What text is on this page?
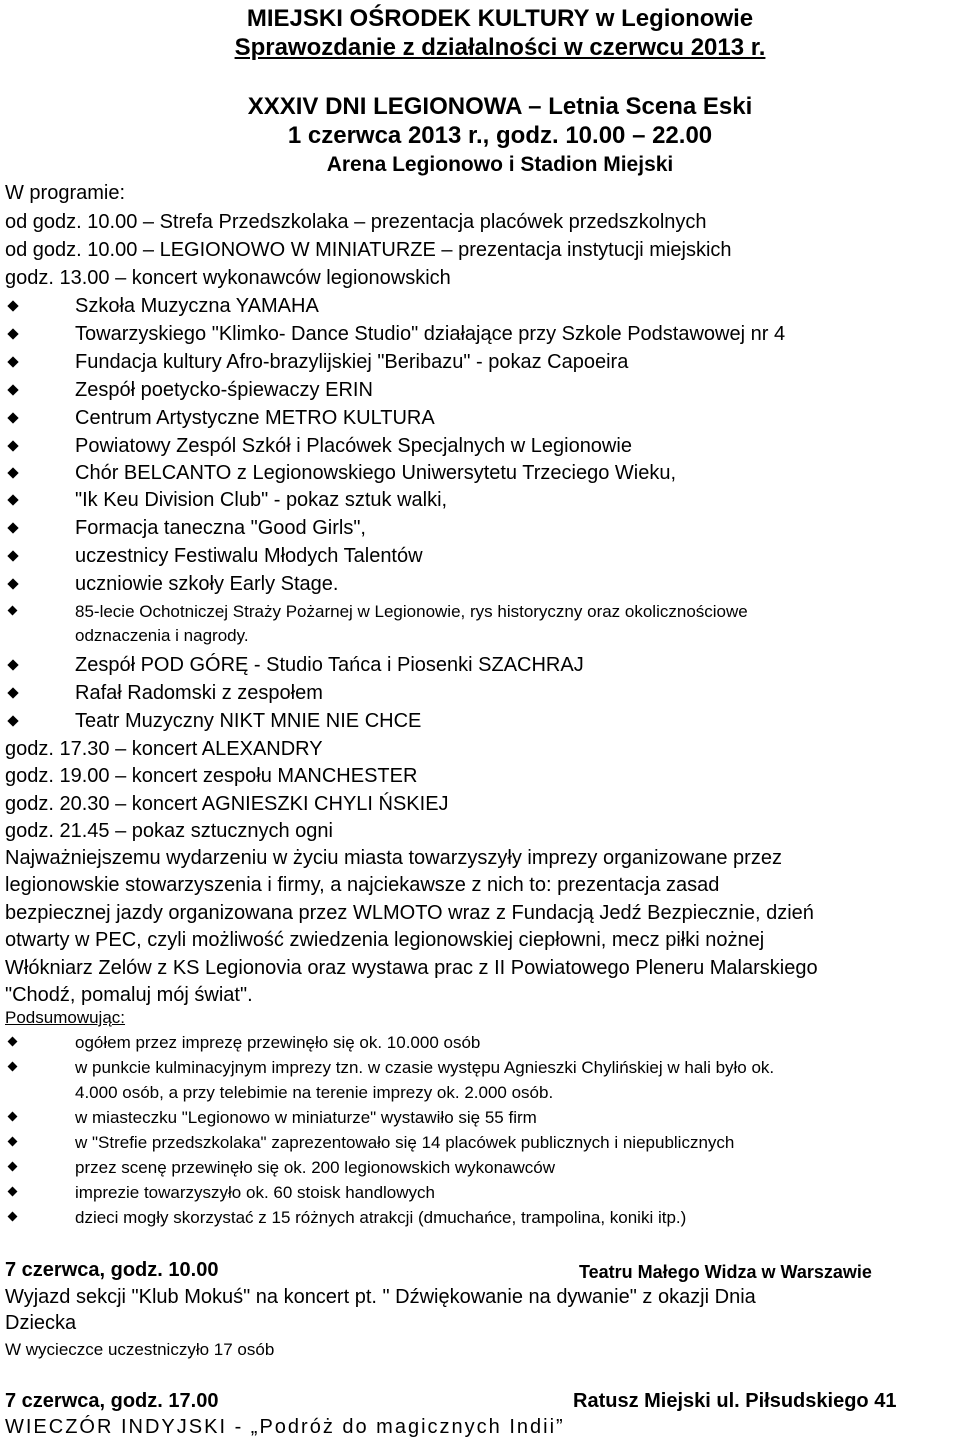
MIEJSKI OŚRODEK KULTURY w Legionowie
Sprawozdanie z działalności w czerwcu 2013 r.
XXXIV DNI LEGIONOWA – Letnia Scena Eski
1 czerwca 2013 r., godz. 10.00 – 22.00
Arena Legionowo i Stadion Miejski
W programie:
od godz. 10.00 – Strefa Przedszkolaka – prezentacja placówek przedszkolnych
od godz. 10.00 – LEGIONOWO W MINIATURZE – prezentacja instytucji miejskich
godz. 13.00 – koncert wykonawców legionowskich
Szkoła Muzyczna YAMAHA
Towarzyskiego "Klimko- Dance Studio" działające przy Szkole Podstawowej nr 4
Fundacja kultury Afro-brazylijskiej "Beribazu" - pokaz Capoeira
Zespół poetycko-śpiewaczy ERIN
Centrum Artystyczne METRO KULTURA
Powiatowy Zespól Szkół i Placówek Specjalnych w Legionowie
Chór BELCANTO z Legionowskiego Uniwersytetu Trzeciego Wieku,
"Ik Keu Division Club" - pokaz sztuk walki,
Formacja taneczna "Good Girls",
uczestnicy Festiwalu Młodych Talentów
uczniowie szkoły Early Stage.
85-lecie Ochotniczej Straży Pożarnej w Legionowie, rys historyczny oraz okolicznościowe
odznaczenia i nagrody.
Zespół POD GÓRĘ - Studio Tańca i Piosenki SZACHRAJ
Rafał Radomski z zespołem
Teatr Muzyczny NIKT MNIE NIE CHCE
godz. 17.30 – koncert ALEXANDRY
godz. 19.00 – koncert zespołu MANCHESTER
godz. 20.30 – koncert AGNIESZKI CHYLI ŃSKIEJ
godz. 21.45 – pokaz sztucznych ogni
Najważniejszemu wydarzeniu w życiu miasta towarzyszyły imprezy organizowane przez
legionowskie stowarzyszenia i firmy, a najciekawsze z nich to: prezentacja zasad
bezpiecznej jazdy organizowana przez WLMOTO wraz z Fundacją Jedź Bezpiecznie, dzień
otwarty w PEC, czyli możliwość zwiedzenia legionowskiej ciepłowni, mecz piłki nożnej
Włókniarz Zelów z KS Legionovia oraz wystawa prac z II Powiatowego Pleneru Malarskiego
"Chodź, pomaluj mój świat".
Podsumowując:
ogółem przez imprezę przewinęło się ok. 10.000 osób
w punkcie kulminacyjnym imprezy tzn. w czasie występu Agnieszki Chylińskiej w hali było ok.
4.000 osób, a przy telebimie na terenie imprezy ok. 2.000 osób.
w miasteczku "Legionowo w miniaturze" wystawiło się 55 firm
w "Strefie przedszkolaka" zaprezentowało się 14 placówek publicznych i niepublicznych
przez scenę przewinęło się ok. 200 legionowskich wykonawców
imprezie towarzyszyło ok. 60 stoisk handlowych
dzieci mogły skorzystać z 15 różnych atrakcji (dmuchańce, trampolina, koniki itp.)
7 czerwca, godz. 10.00	Teatru Małego Widza w Warszawie
Wyjazd sekcji "Klub Mokuś" na koncert pt. " Dźwiękowanie na dywanie" z okazji Dnia
Dziecka
W wycieczce uczestniczyło 17 osób
7 czerwca, godz. 17.00	Ratusz Miejski ul. Piłsudskiego 41
WIECZÓR INDYJSKI - „Podróż do magicznych Indii”
